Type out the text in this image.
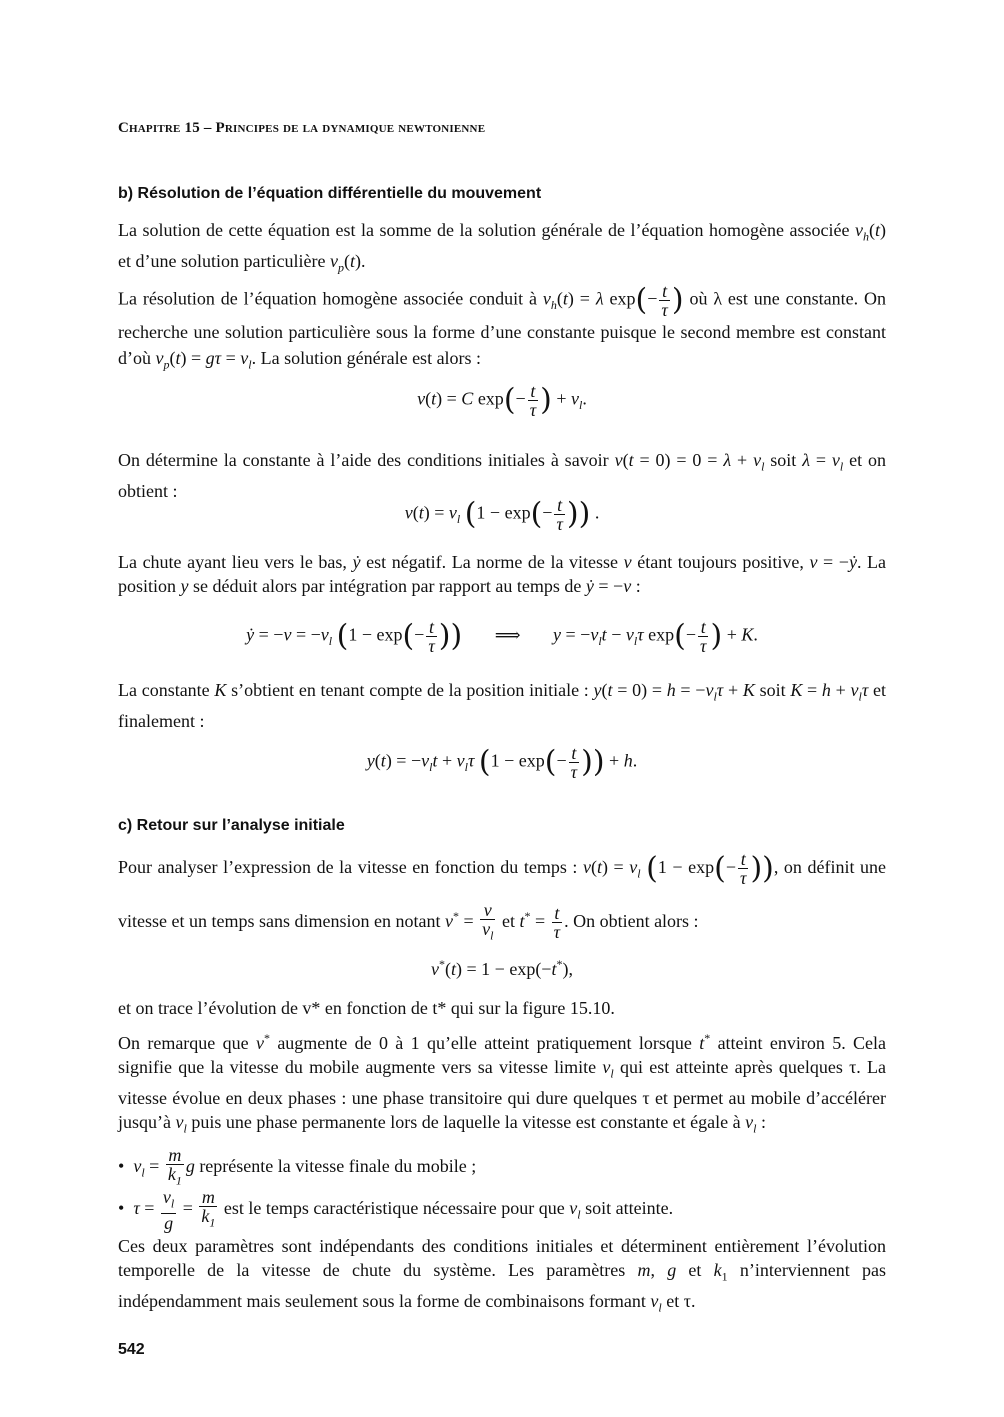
Chapitre 15 – Principes de la dynamique newtonienne
b) Résolution de l’équation différentielle du mouvement
La solution de cette équation est la somme de la solution générale de l’équation homogène associée $v_h(t)$ et d’une solution particulière $v_p(t)$.
La résolution de l’équation homogène associée conduit à $v_h(t) = \lambda$ $\exp(- \frac{t}{\tau}$ ) où λ est une constante. On recherche une solution particulière sous la forme d’une constante puisque le second membre est constant d’où $v_p(t) = g\tau = v_l$. La solution générale est alors :
v(t) = C $\exp(- \frac{t}{\tau}$ ) + $v_l$.
On détermine la constante à l’aide des conditions initiales à savoir $v(t = 0) = 0 = \lambda + v_l$ soit $\lambda = v_l$ et on obtient :
$v(t) = v_l$ ($1 - \exp(- \frac{t}{\tau}$ )) .
La chute ayant lieu vers le bas, ẏ est négatif. La norme de la vitesse v étant toujours positive, v = −ẏ. La position y se déduit alors par intégration par rapport au temps de ẏ = −v :
ẏ = $-v = -v_l$ ($1 - \exp(- \frac{t}{\tau}$ )) ⟹ $y = -v_lt - v_l\tau$ $\exp(- \frac{t}{\tau}$ ) + K.
La constante K s’obtient en tenant compte de la position initiale : $y(t = 0) = h = -v_l\tau + K$ soit $K = h + v_l\tau$ et finalement :
$y(t) = -v_lt + v_l\tau$ ($1 - \exp(- \frac{t}{\tau}$ )) + h.
c) Retour sur l’analyse initiale
Pour analyser l’expression de la vitesse en fonction du temps : $v(t) = v_l$ ($1 - \exp(- \frac{t}{\tau}$ )), on définit une vitesse et un temps sans dimension en notant $v^* = \frac{v}{v_l}$ et $t^* = \frac{t}{\tau}$ . On obtient alors :
v*(t) = 1 − exp(−t*),
et on trace l’évolution de v* en fonction de t* qui sur la figure 15.10.
On remarque que v* augmente de 0 à 1 qu’elle atteint pratiquement lorsque t* atteint environ 5. Cela signifie que la vitesse du mobile augmente vers sa vitesse limite $v_l$ qui est atteinte après quelques τ. La vitesse évolue en deux phases : une phase transitoire qui dure quelques τ et permet au mobile d’accélérer jusqu’à $v_l$ puis une phase permanente lors de laquelle la vitesse est constante et égale à $v_l$ :
•  $v_l = \frac{m}{k_1}$ g représente la vitesse finale du mobile ;
•  $\tau = \frac{v_l}{g} = \frac{m}{k_1}$ est le temps caractéristique nécessaire pour que $v_l$ soit atteinte.
Ces deux paramètres sont indépendants des conditions initiales et déterminent entièrement l’évolution temporelle de la vitesse de chute du système. Les paramètres m, g et $k_1$ n’interviennent pas indépendamment mais seulement sous la forme de combinaisons formant $v_l$ et τ.
542
